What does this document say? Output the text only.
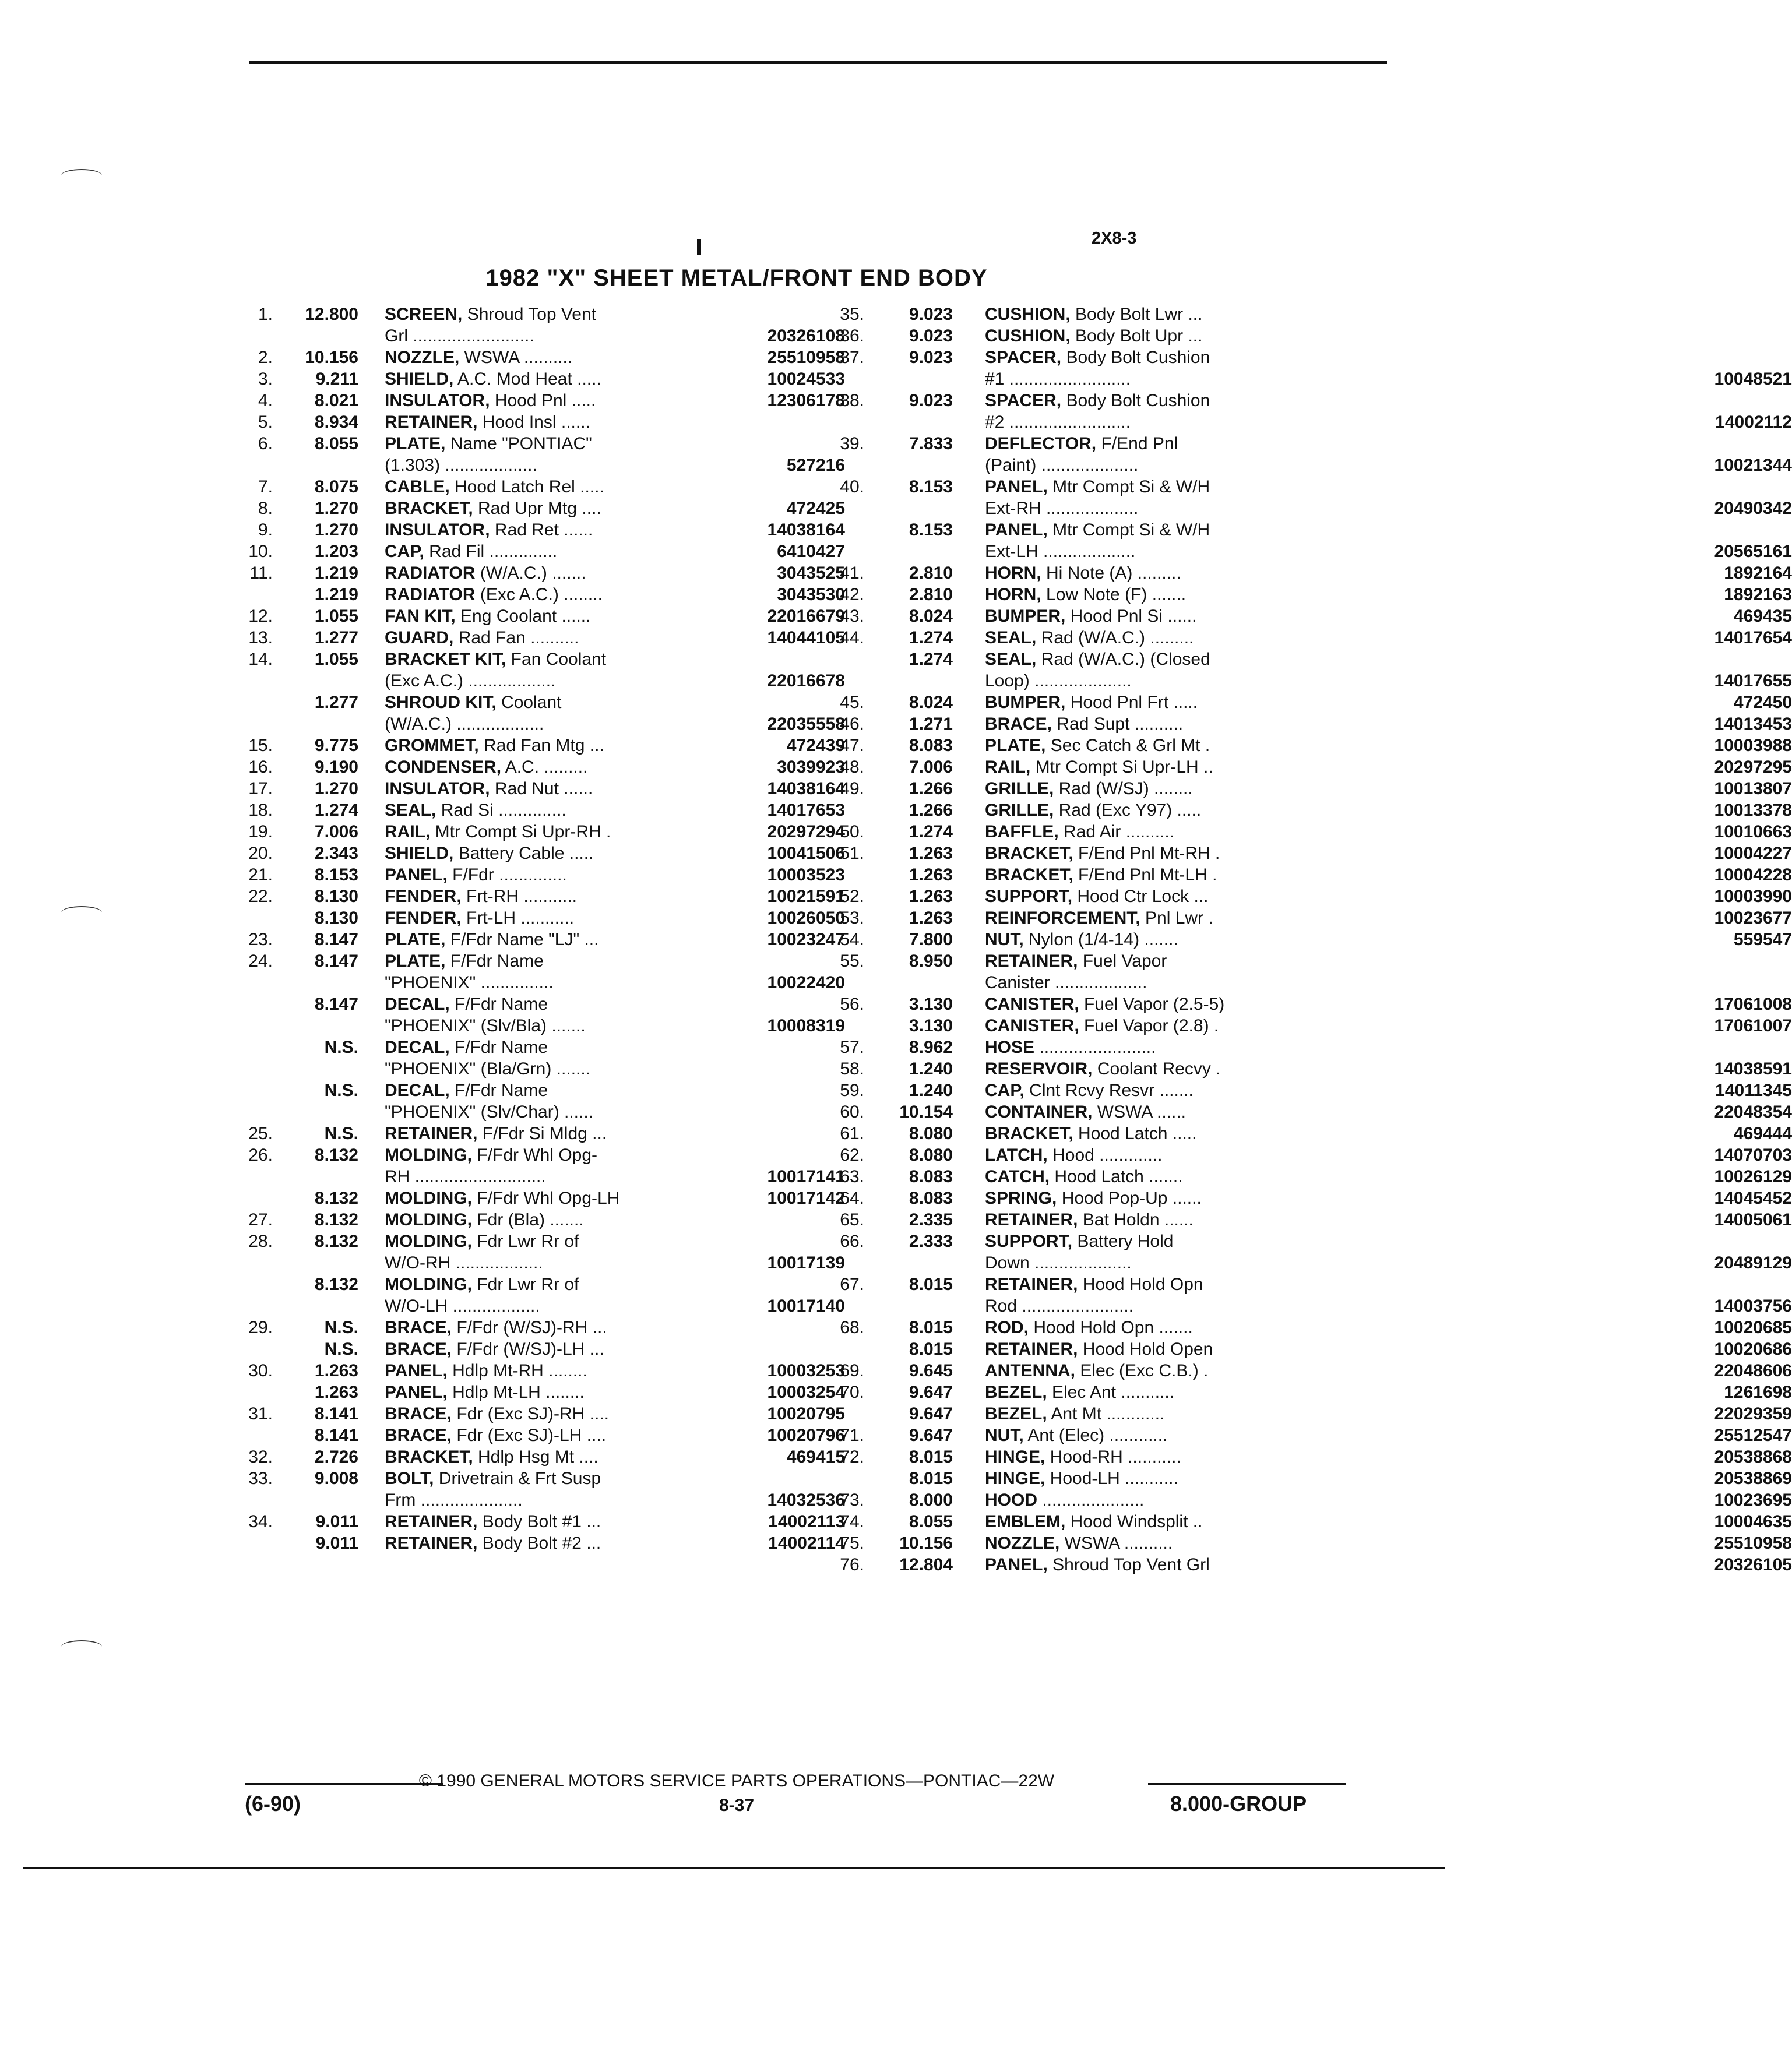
2X8-3
1982 "X" SHEET METAL/FRONT END BODY
1.	12.800 SCREEN, Shroud Top Vent
Grl .........................	20326108
2.	10.156 NOZZLE, WSWA ..........	25510958
3.	9.211 SHIELD, A.C. Mod Heat .....	10024533
4.	8.021 INSULATOR, Hood Pnl .....	12306178
5.	8.934 RETAINER, Hood Insl ......
6.	8.055 PLATE, Name "PONTIAC"
(1.303) ...................	527216
7.	8.075 CABLE, Hood Latch Rel .....
8.	1.270 BRACKET, Rad Upr Mtg ....	472425
9.	1.270 INSULATOR, Rad Ret ......	14038164
10.	1.203 CAP, Rad Fil ..............	6410427
11.	1.219 RADIATOR (W/A.C.) .......	3043525
1.219 RADIATOR (Exc A.C.) ........	3043530
12.	1.055 FAN KIT, Eng Coolant ......	22016679
13.	1.277 GUARD, Rad Fan ..........	14044105
14.	1.055 BRACKET KIT, Fan Coolant
(Exc A.C.) ..................	22016678
1.277 SHROUD KIT, Coolant
(W/A.C.) ..................	22035558
15.	9.775 GROMMET, Rad Fan Mtg ...	472439
16.	9.190 CONDENSER, A.C. .........	3039923
17.	1.270 INSULATOR, Rad Nut ......	14038164
18.	1.274 SEAL, Rad Si ..............	14017653
19.	7.006 RAIL, Mtr Compt Si Upr-RH .	20297294
20.	2.343 SHIELD, Battery Cable .....	10041506
21.	8.153 PANEL, F/Fdr ..............	10003523
22.	8.130 FENDER, Frt-RH ...........	10021591
8.130 FENDER, Frt-LH ...........	10026050
23.	8.147 PLATE, F/Fdr Name "LJ" ...	10023247
24.	8.147 PLATE, F/Fdr Name
"PHOENIX" ...............	10022420
8.147 DECAL, F/Fdr Name
"PHOENIX" (Slv/Bla) .......	10008319
N.S. DECAL, F/Fdr Name
"PHOENIX" (Bla/Grn) .......
N.S. DECAL, F/Fdr Name
"PHOENIX" (Slv/Char) ......
25.	N.S. RETAINER, F/Fdr Si Mldg ...
26.	8.132 MOLDING, F/Fdr Whl Opg-
RH ...........................	10017141
8.132 MOLDING, F/Fdr Whl Opg-LH	10017142
27.	8.132 MOLDING, Fdr (Bla) .......
28.	8.132 MOLDING, Fdr Lwr Rr of
W/O-RH ..................	10017139
8.132 MOLDING, Fdr Lwr Rr of
W/O-LH ..................	10017140
29.	N.S. BRACE, F/Fdr (W/SJ)-RH ...
N.S. BRACE, F/Fdr (W/SJ)-LH ...
30.	1.263 PANEL, Hdlp Mt-RH ........	10003253
1.263 PANEL, Hdlp Mt-LH ........	10003254
31.	8.141 BRACE, Fdr (Exc SJ)-RH ....	10020795
8.141 BRACE, Fdr (Exc SJ)-LH ....	10020796
32.	2.726 BRACKET, Hdlp Hsg Mt ....	469415
33.	9.008 BOLT, Drivetrain & Frt Susp
Frm .....................	14032536
34.	9.011 RETAINER, Body Bolt #1 ...	14002113
9.011 RETAINER, Body Bolt #2 ...	14002114
35.	9.023 CUSHION, Body Bolt Lwr ...
36.	9.023 CUSHION, Body Bolt Upr ...
37.	9.023 SPACER, Body Bolt Cushion
#1 .........................	10048521
38.	9.023 SPACER, Body Bolt Cushion
#2 .........................	14002112
39.	7.833 DEFLECTOR, F/End Pnl
(Paint) ....................	10021344
40.	8.153 PANEL, Mtr Compt Si & W/H
Ext-RH ...................	20490342
8.153 PANEL, Mtr Compt Si & W/H
Ext-LH ...................	20565161
41.	2.810 HORN, Hi Note (A) .........	1892164
42.	2.810 HORN, Low Note (F) .......	1892163
43.	8.024 BUMPER, Hood Pnl Si ......	469435
44.	1.274 SEAL, Rad (W/A.C.) .........	14017654
1.274 SEAL, Rad (W/A.C.) (Closed
Loop) ....................	14017655
45.	8.024 BUMPER, Hood Pnl Frt .....	472450
46.	1.271 BRACE, Rad Supt ..........	14013453
47.	8.083 PLATE, Sec Catch & Grl Mt .	10003988
48.	7.006 RAIL, Mtr Compt Si Upr-LH ..	20297295
49.	1.266 GRILLE, Rad (W/SJ) ........	10013807
1.266 GRILLE, Rad (Exc Y97) .....	10013378
50.	1.274 BAFFLE, Rad Air ..........	10010663
51.	1.263 BRACKET, F/End Pnl Mt-RH .	10004227
1.263 BRACKET, F/End Pnl Mt-LH .	10004228
52.	1.263 SUPPORT, Hood Ctr Lock ...	10003990
53.	1.263 REINFORCEMENT, Pnl Lwr .	10023677
54.	7.800 NUT, Nylon (1/4-14) .......	559547
55.	8.950 RETAINER, Fuel Vapor
Canister ...................
56.	3.130 CANISTER, Fuel Vapor (2.5-5)	17061008
3.130 CANISTER, Fuel Vapor (2.8) .	17061007
57.	8.962 HOSE ........................
58.	1.240 RESERVOIR, Coolant Recvy .	14038591
59.	1.240 CAP, Clnt Rcvy Resvr .......	14011345
60.	10.154 CONTAINER, WSWA ......	22048354
61.	8.080 BRACKET, Hood Latch .....	469444
62.	8.080 LATCH, Hood .............	14070703
63.	8.083 CATCH, Hood Latch .......	10026129
64.	8.083 SPRING, Hood Pop-Up ......	14045452
65.	2.335 RETAINER, Bat Holdn ......	14005061
66.	2.333 SUPPORT, Battery Hold
Down ....................	20489129
67.	8.015 RETAINER, Hood Hold Opn
Rod .......................	14003756
68.	8.015 ROD, Hood Hold Opn .......	10020685
8.015 RETAINER, Hood Hold Open	10020686
69.	9.645 ANTENNA, Elec (Exc C.B.) .	22048606
70.	9.647 BEZEL, Elec Ant ...........	1261698
9.647 BEZEL, Ant Mt ............	22029359
71.	9.647 NUT, Ant (Elec) ............	25512547
72.	8.015 HINGE, Hood-RH ...........	20538868
8.015 HINGE, Hood-LH ...........	20538869
73.	8.000 HOOD .....................	10023695
74.	8.055 EMBLEM, Hood Windsplit ..	10004635
75.	10.156 NOZZLE, WSWA ..........	25510958
76.	12.804 PANEL, Shroud Top Vent Grl	20326105
© 1990 GENERAL MOTORS SERVICE PARTS OPERATIONS—PONTIAC—22W
(6-90)	8-37	8.000-GROUP
